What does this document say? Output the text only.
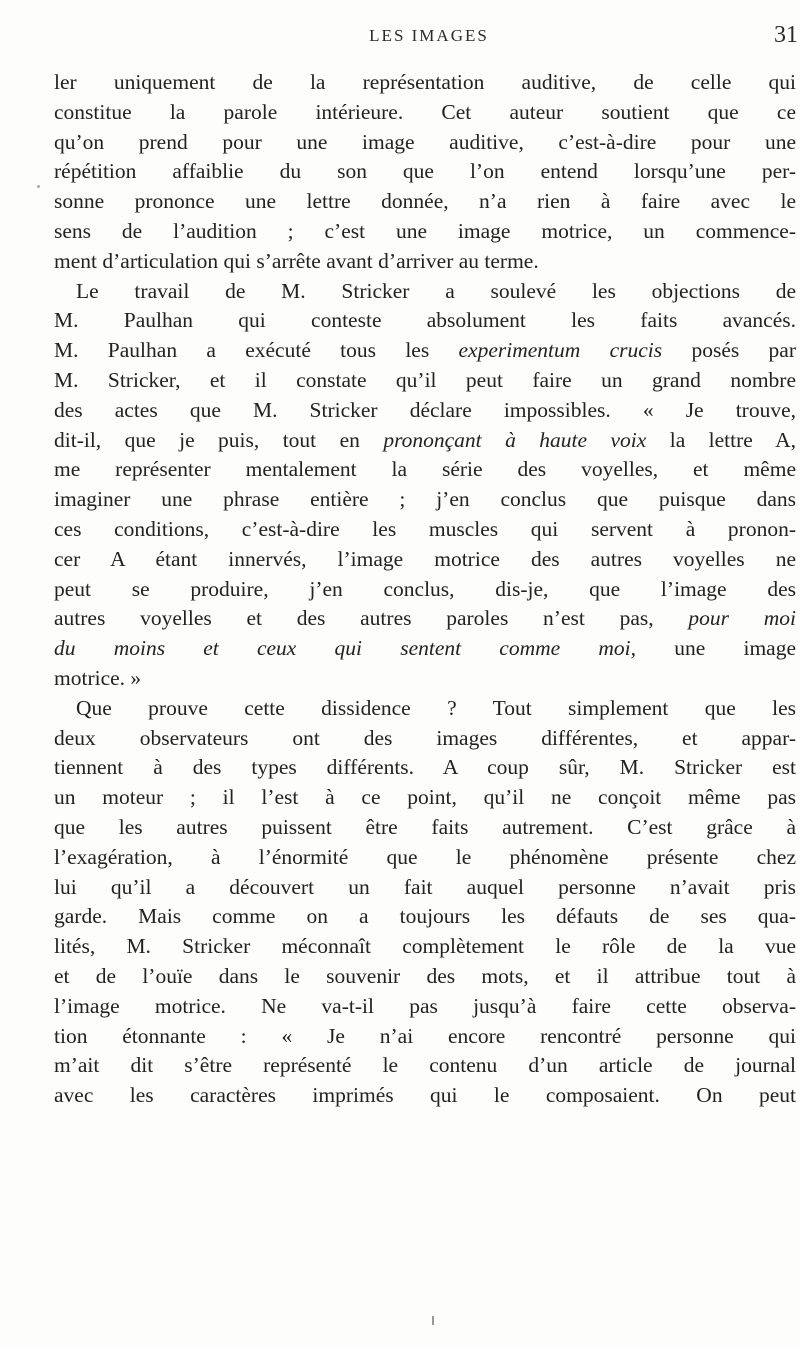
LES IMAGES	31
ler uniquement de la représentation auditive, de celle qui
constitue la parole intérieure. Cet auteur soutient que ce
qu’on prend pour une image auditive, c’est-à-dire pour une
répétition affaiblie du son que l’on entend lorsqu’une per-
sonne prononce une lettre donnée, n’a rien à faire avec le
sens de l’audition ; c’est une image motrice, un commence-
ment d’articulation qui s’arrête avant d’arriver au terme.
Le travail de M. Stricker a soulevé les objections de
M. Paulhan qui conteste absolument les faits avancés.
M. Paulhan a exécuté tous les experimentum crucis posés par
M. Stricker, et il constate qu’il peut faire un grand nombre
des actes que M. Stricker déclare impossibles. « Je trouve,
dit-il, que je puis, tout en prononçant à haute voix la lettre A,
me représenter mentalement la série des voyelles, et même
imaginer une phrase entière ; j’en conclus que puisque dans
ces conditions, c’est-à-dire les muscles qui servent à pronon-
cer A étant innervés, l’image motrice des autres voyelles ne
peut se produire, j’en conclus, dis-je, que l’image des
autres voyelles et des autres paroles n’est pas, pour moi
du moins et ceux qui sentent comme moi, une image
motrice. »
Que prouve cette dissidence ? Tout simplement que les
deux observateurs ont des images différentes, et appar-
tiennent à des types différents. A coup sûr, M. Stricker est
un moteur ; il l’est à ce point, qu’il ne conçoit même pas
que les autres puissent être faits autrement. C’est grâce à
l’exagération, à l’énormité que le phénomène présente chez
lui qu’il a découvert un fait auquel personne n’avait pris
garde. Mais comme on a toujours les défauts de ses qua-
lités, M. Stricker méconnaît complètement le rôle de la vue
et de l’ouïe dans le souvenir des mots, et il attribue tout à
l’image motrice. Ne va-t-il pas jusqu’à faire cette observa-
tion étonnante : « Je n’ai encore rencontré personne qui
m’ait dit s’être représenté le contenu d’un article de journal
avec les caractères imprimés qui le composaient. On peut
